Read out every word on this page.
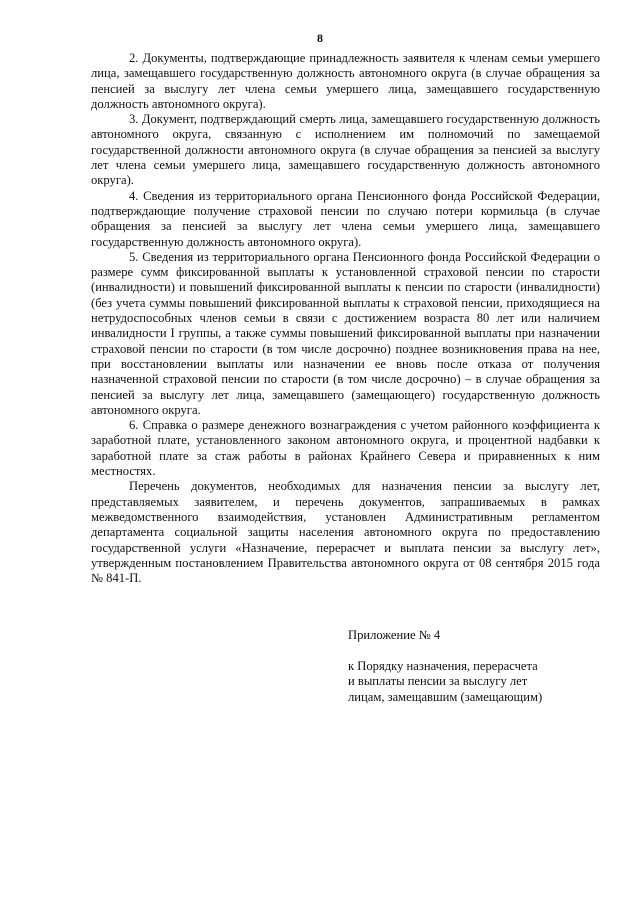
8

2. Документы, подтверждающие принадлежность заявителя к членам семьи умершего лица, замещавшего государственную должность автономного округа (в случае обращения за пенсией за выслугу лет члена семьи умершего лица, замещавшего государственную должность автономного округа).

3. Документ, подтверждающий смерть лица, замещавшего государственную должность автономного округа, связанную с исполнением им полномочий по замещаемой государственной должности автономного округа (в случае обращения за пенсией за выслугу лет члена семьи умершего лица, замещавшего государственную должность автономного округа).

4. Сведения из территориального органа Пенсионного фонда Российской Федерации, подтверждающие получение страховой пенсии по случаю потери кормильца (в случае обращения за пенсией за выслугу лет члена семьи умершего лица, замещавшего государственную должность автономного округа).

5. Сведения из территориального органа Пенсионного фонда Российской Федерации о размере сумм фиксированной выплаты к установленной страховой пенсии по старости (инвалидности) и повышений фиксированной выплаты к пенсии по старости (инвалидности) (без учета суммы повышений фиксированной выплаты к страховой пенсии, приходящиеся на нетрудоспособных членов семьи в связи с достижением возраста 80 лет или наличием инвалидности I группы, а также суммы повышений фиксированной выплаты при назначении страховой пенсии по старости (в том числе досрочно) позднее возникновения права на нее, при восстановлении выплаты или назначении ее вновь после отказа от получения назначенной страховой пенсии по старости (в том числе досрочно) – в случае обращения за пенсией за выслугу лет лица, замещавшего (замещающего) государственную должность автономного округа.

6. Справка о размере денежного вознаграждения с учетом районного коэффициента к заработной плате, установленного законом автономного округа, и процентной надбавки к заработной плате за стаж работы в районах Крайнего Севера и приравненных к ним местностях.

Перечень документов, необходимых для назначения пенсии за выслугу лет, представляемых заявителем, и перечень документов, запрашиваемых в рамках межведомственного взаимодействия, установлен Административным регламентом департамента социальной защиты населения автономного округа по предоставлению государственной услуги «Назначение, перерасчет и выплата пенсии за выслугу лет», утвержденным постановлением Правительства автономного округа от 08 сентября 2015 года № 841-П.

Приложение № 4
к Порядку назначения, перерасчета
и выплаты пенсии за выслугу лет
лицам, замещавшим (замещающим)
